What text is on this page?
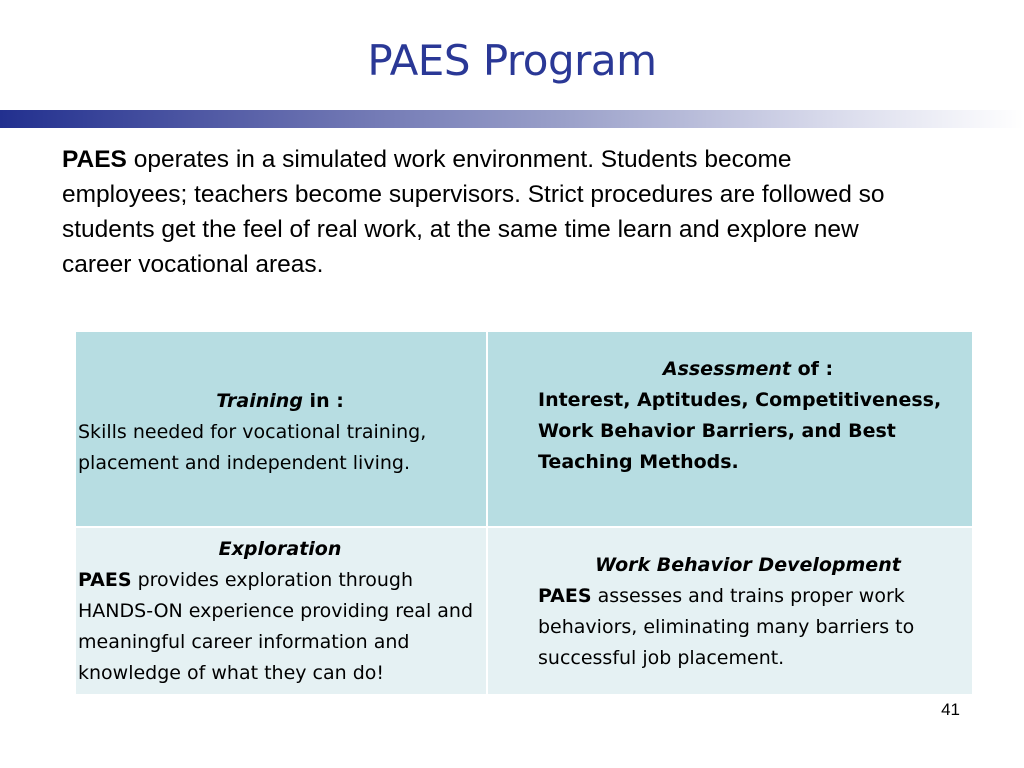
PAES Program
PAES operates in a simulated work environment. Students become employees; teachers become supervisors. Strict procedures are followed so students get the feel of real work, at the same time learn and explore new career vocational areas.
Training in :
Skills needed for vocational training, placement and independent living.
Assessment of :
Interest, Aptitudes, Competitiveness, Work Behavior Barriers, and Best Teaching Methods.
Exploration
PAES provides exploration through HANDS-ON experience providing real and meaningful career information and knowledge of what they can do!
Work Behavior Development
PAES assesses and trains proper work behaviors, eliminating many barriers to successful job placement.
41
